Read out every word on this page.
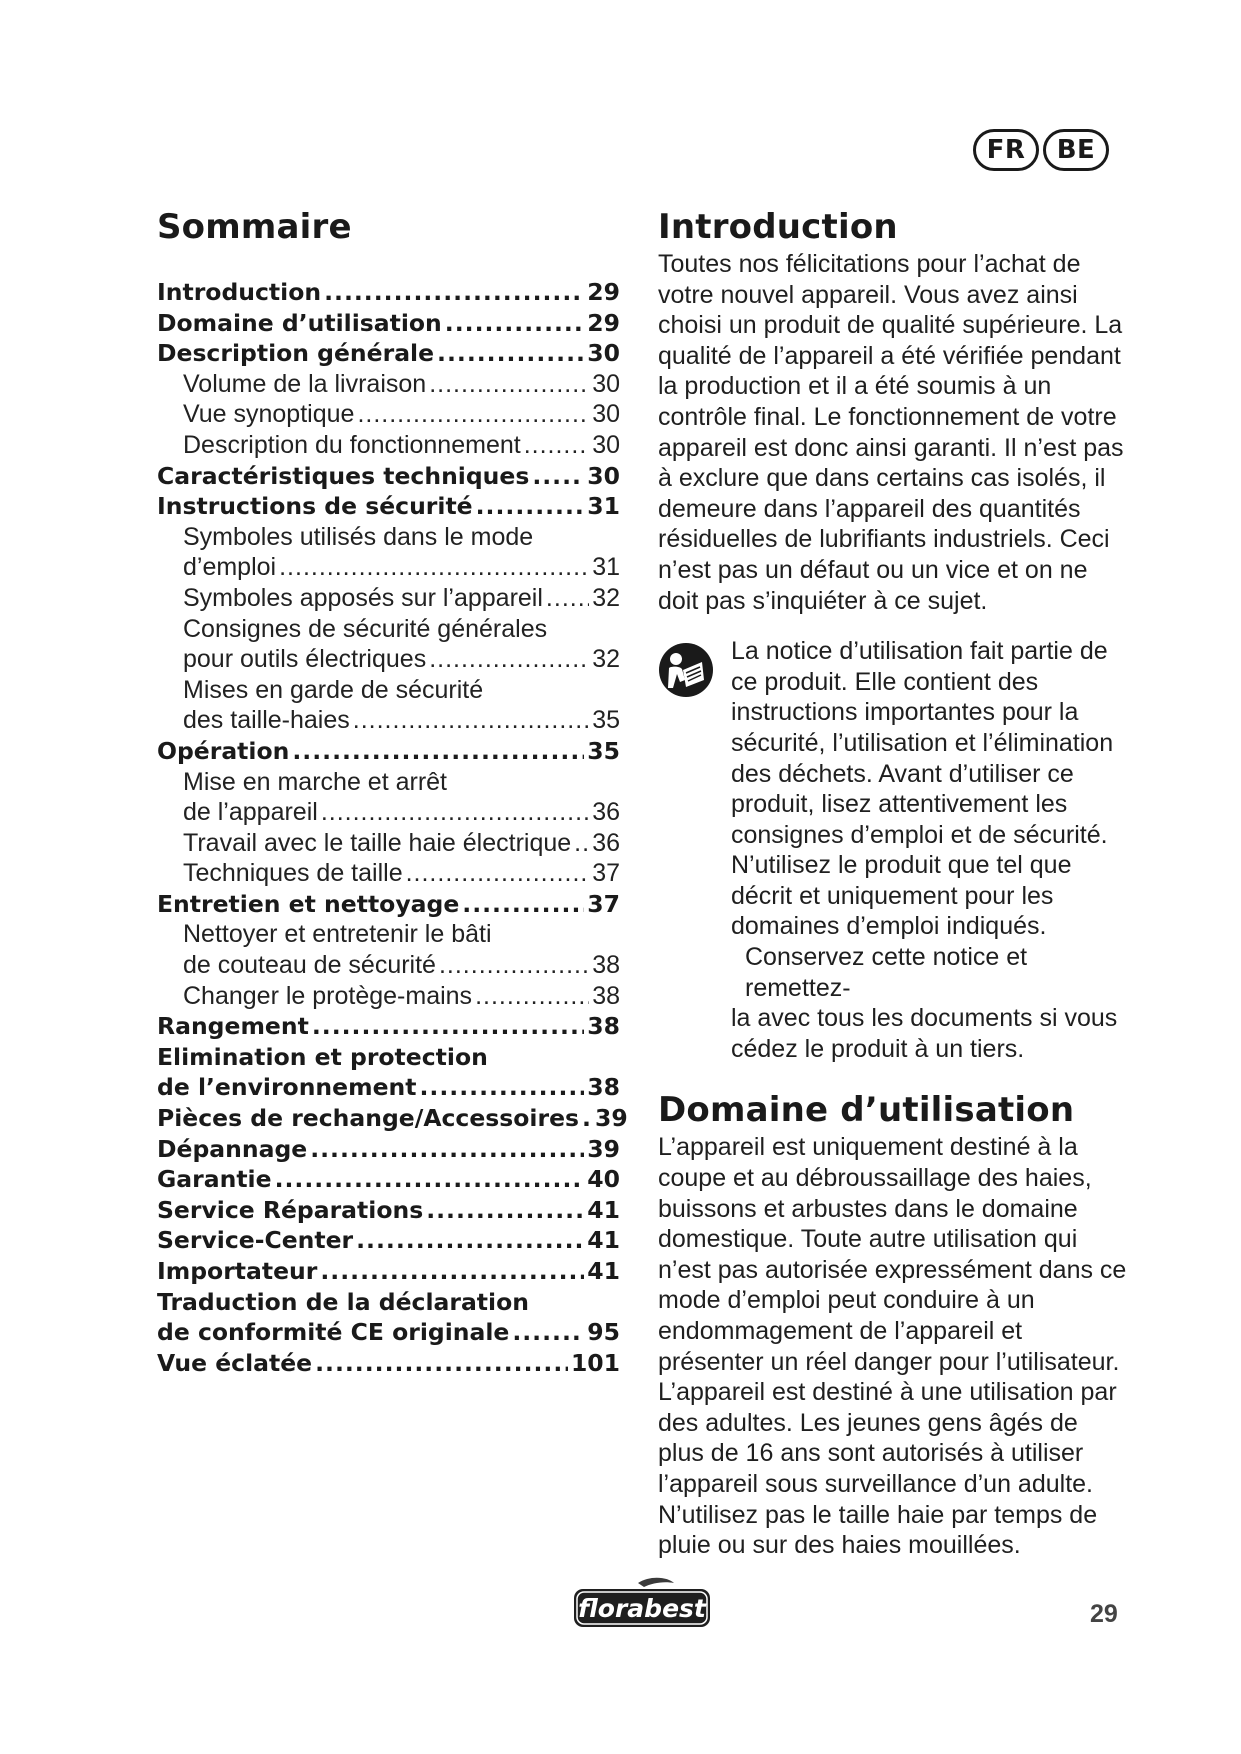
FR	BE
Sommaire
Introduction .....	29
Domaine d’utilisation .....	29
Description générale .....	30
Volume de la livraison .....	30
Vue synoptique .....	30
Description du fonctionnement .....	30
Caractéristiques techniques ..... 30
Instructions de sécurité .....	31
Symboles utilisés dans le mode
d’emploi .....	31
Symboles apposés sur l’appareil ..... 32
Consignes de sécurité générales
pour outils électriques .....	32
Mises en garde de sécurité
des taille-haies .....	35
Opération .....	35
Mise en marche et arrêt
de l’appareil .....	36
Travail avec le taille haie électrique ..... 36
Techniques de taille .....	37
Entretien et nettoyage .....	37
Nettoyer et entretenir le bâti
de couteau de sécurité .....	38
Changer le protège-mains .....	38
Rangement .....	38
Elimination et protection
de l’environnement .....	38
Pièces de rechange/Accessoires ..... 39
Dépannage .....	39
Garantie .....	40
Service Réparations .....	41
Service-Center .....	41
Importateur .....	41
Traduction de la déclaration
de conformité CE originale .....	95
Vue éclatée .....	101
Introduction

Toutes nos félicitations pour l’achat de votre nouvel appareil. Vous avez ainsi choisi un produit de qualité supérieure. La qualité de l’appareil a été vérifiée pendant la production et il a été soumis à un contrôle final. Le fonctionnement de votre appareil est donc ainsi garanti. Il n’est pas à exclure que dans certains cas isolés, il demeure dans l’appareil des quantités résiduelles de lubrifiants industriels. Ceci n’est pas un défaut ou un vice et on ne doit pas s’inquiéter à ce sujet.

La notice d’utilisation fait partie de ce produit. Elle contient des instructions importantes pour la sécurité, l’utilisation et l’élimination des déchets. Avant d’utiliser ce produit, lisez attentivement les consignes d’emploi et de sécurité. N’utilisez le produit que tel que décrit et uniquement pour les domaines d’emploi indiqués.

Conservez cette notice et remettez-

la avec tous les documents si vous cédez le produit à un tiers.

Domaine d’utilisation

L’appareil est uniquement destiné à la coupe et au débroussaillage des haies, buissons et arbustes dans le domaine domestique. Toute autre utilisation qui n’est pas autorisée expressément dans ce mode d’emploi peut conduire à un endommagement de l’appareil et présenter un réel danger pour l’utilisateur.

L’appareil est destiné à une utilisation par des adultes. Les jeunes gens âgés de plus de 16 ans sont autorisés à utiliser l’appareil sous surveillance d’un adulte. N’utilisez pas le taille haie par temps de pluie ou sur des haies mouillées.

florabest	29
